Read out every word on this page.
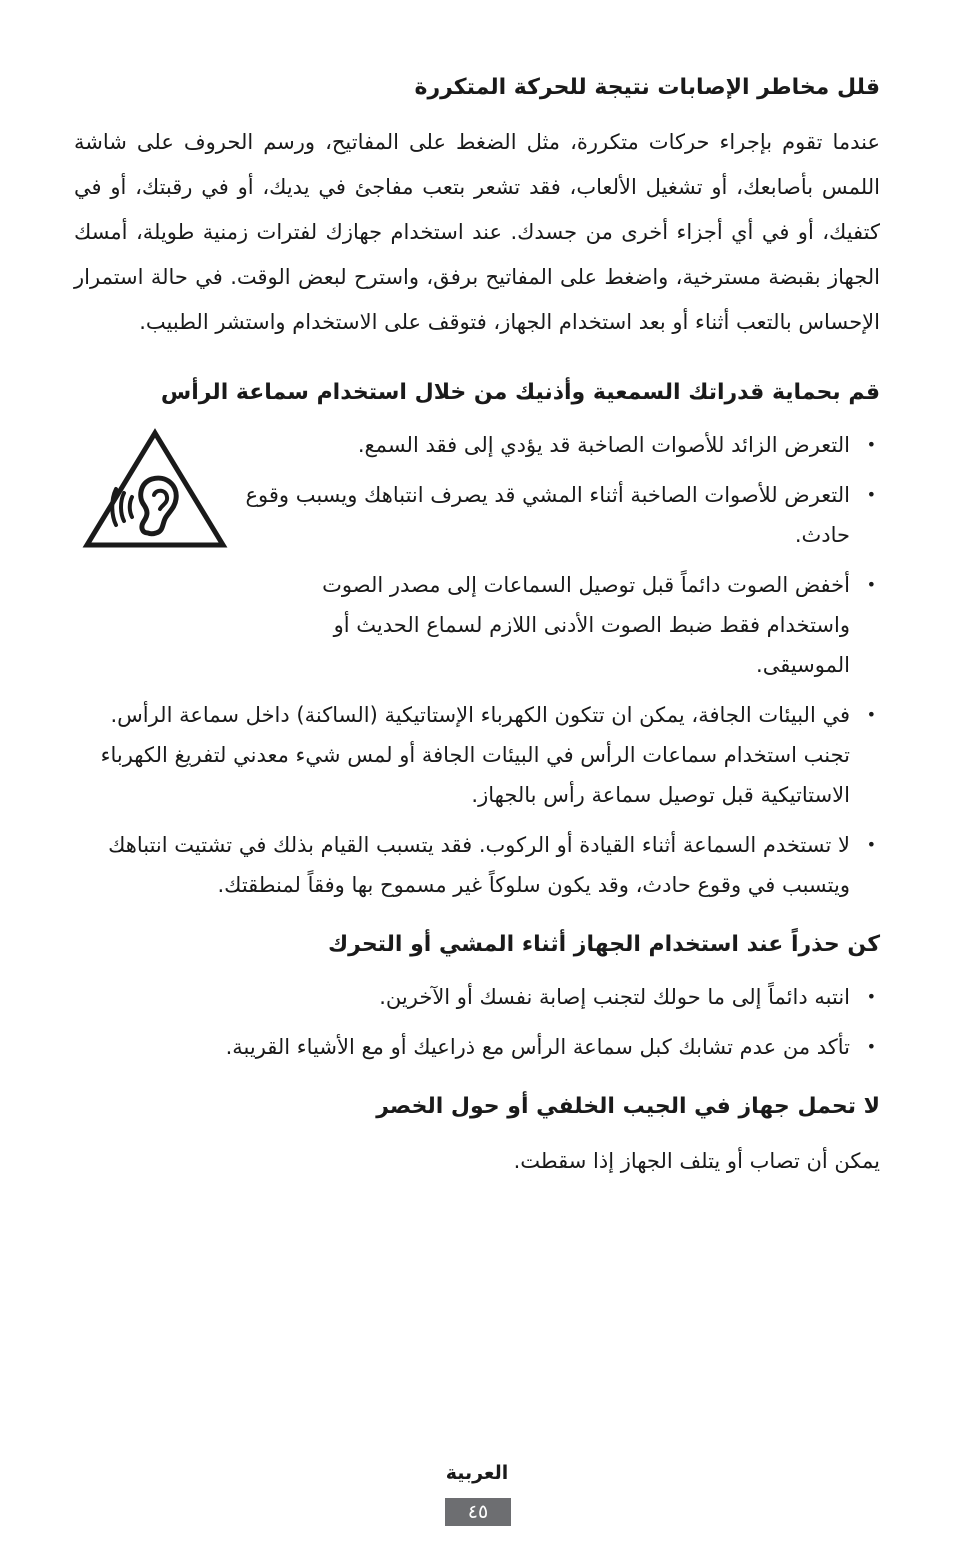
قلل مخاطر الإصابات نتيجة للحركة المتكررة

عندما تقوم بإجراء حركات متكررة، مثل الضغط على المفاتيح، ورسم الحروف على شاشة اللمس بأصابعك، أو تشغيل الألعاب، فقد تشعر بتعب مفاجئ في يديك، أو في رقبتك، أو في كتفيك، أو في أي أجزاء أخرى من جسدك. عند استخدام جهازك لفترات زمنية طويلة، أمسك الجهاز بقبضة مسترخية، واضغط على المفاتيح برفق، واسترح لبعض الوقت. في حالة استمرار الإحساس بالتعب أثناء أو بعد استخدام الجهاز، فتوقف على الاستخدام واستشر الطبيب.

قم بحماية قدراتك السمعية وأذنيك من خلال استخدام سماعة الرأس
•
التعرض الزائد للأصوات الصاخبة قد يؤدي إلى فقد السمع.
•
التعرض للأصوات الصاخبة أثناء المشي قد يصرف انتباهك ويسبب وقوع حادث.
•
أخفض الصوت دائماً قبل توصيل السماعات إلى مصدر الصوت واستخدام فقط ضبط الصوت الأدنى اللازم لسماع الحديث أو الموسيقى.
•
في البيئات الجافة، يمكن ان تتكون الكهرباء الإستاتيكية (الساكنة) داخل سماعة الرأس. تجنب استخدام سماعات الرأس في البيئات الجافة أو لمس شيء معدني لتفريغ الكهرباء الاستاتيكية قبل توصيل سماعة رأس بالجهاز.
•
لا تستخدم السماعة أثناء القيادة أو الركوب. فقد يتسبب القيام بذلك في تشتيت انتباهك ويتسبب في وقوع حادث، وقد يكون سلوكاً غير مسموح بها وفقاً لمنطقتك.
كن حذراً عند استخدام الجهاز أثناء المشي أو التحرك
•
انتبه دائماً إلى ما حولك لتجنب إصابة نفسك أو الآخرين.
•
تأكد من عدم تشابك كبل سماعة الرأس مع ذراعيك أو مع الأشياء القريبة.
لا تحمل جهاز في الجيب الخلفي أو حول الخصر

يمكن أن تصاب أو يتلف الجهاز إذا سقطت.

العربية
٤٥
